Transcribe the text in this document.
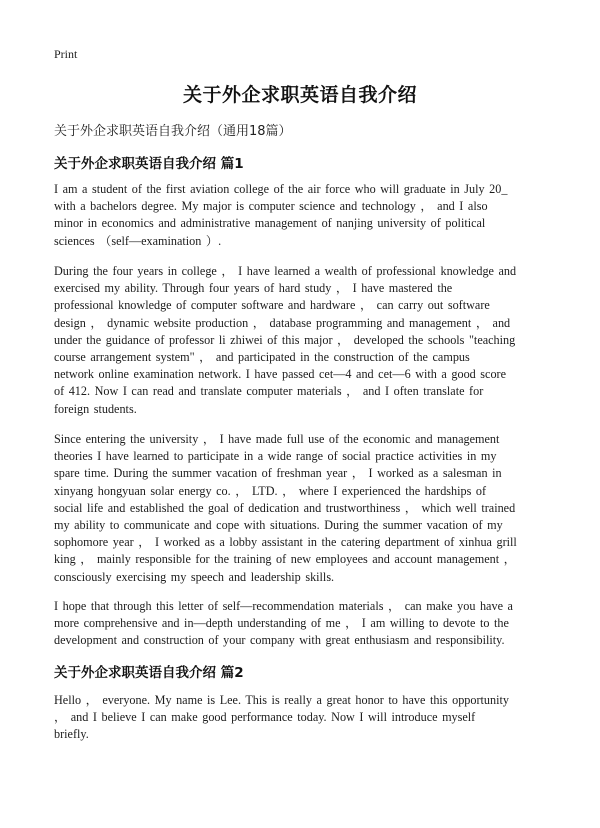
Print
关于外企求职英语自我介绍
关于外企求职英语自我介绍（通用18篇）
关于外企求职英语自我介绍 篇1

I am a student of the first aviation college of the air force who will graduate in July 20_
with a bachelors degree. My major is computer science and technology ， and I also
minor in economics and administrative management of nanjing university of political
sciences （self—examination ）.

During the four years in college ， I have learned a wealth of professional knowledge and
exercised my ability. Through four years of hard study ， I have mastered the
professional knowledge of computer software and hardware ， can carry out software
design ， dynamic website production ， database programming and management ， and
under the guidance of professor li zhiwei of this major ， developed the schools "teaching
course arrangement system" ， and participated in the construction of the campus
network online examination network. I have passed cet—4 and cet—6 with a good score
of 412. Now I can read and translate computer materials ， and I often translate for
foreign students.

Since entering the university ， I have made full use of the economic and management
theories I have learned to participate in a wide range of social practice activities in my
spare time. During the summer vacation of freshman year ， I worked as a salesman in
xinyang hongyuan solar energy co. ， LTD. ， where I experienced the hardships of
social life and established the goal of dedication and trustworthiness ， which well trained
my ability to communicate and cope with situations. During the summer vacation of my
sophomore year ， I worked as a lobby assistant in the catering department of xinhua grill
king ， mainly responsible for the training of new employees and account management ，
consciously exercising my speech and leadership skills.

I hope that through this letter of self—recommendation materials ， can make you have a
more comprehensive and in—depth understanding of me ， I am willing to devote to the
development and construction of your company with great enthusiasm and responsibility.

关于外企求职英语自我介绍 篇2

Hello ， everyone. My name is Lee. This is really a great honor to have this opportunity
， and I believe I can make good performance today. Now I will introduce myself
briefly.
